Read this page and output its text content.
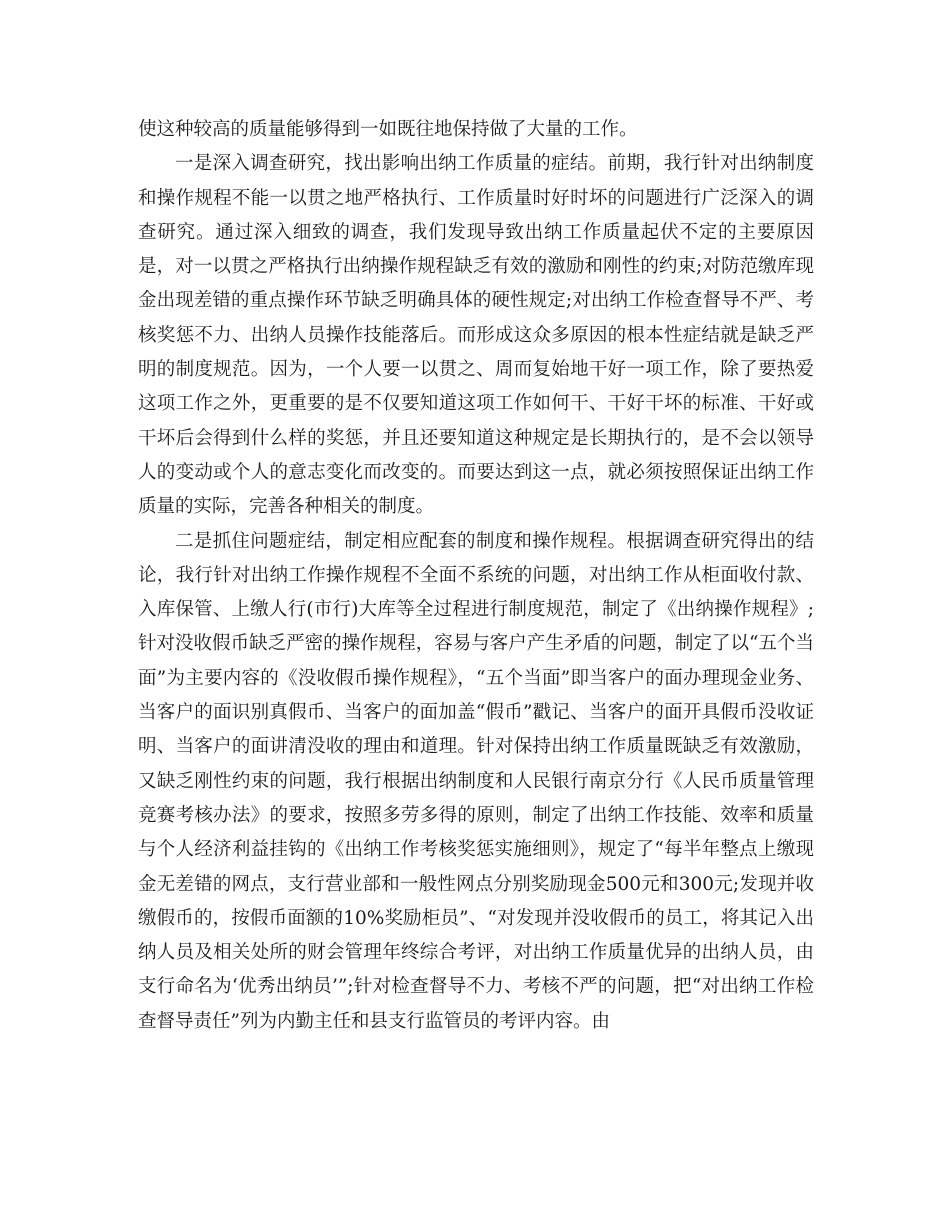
使这种较高的质量能够得到一如既往地保持做了大量的工作。

一是深入调查研究，找出影响出纳工作质量的症结。前期，我行针对出纳制度和操作规程不能一以贯之地严格执行、工作质量时好时坏的问题进行广泛深入的调查研究。通过深入细致的调查，我们发现导致出纳工作质量起伏不定的主要原因是，对一以贯之严格执行出纳操作规程缺乏有效的激励和刚性的约束;对防范缴库现金出现差错的重点操作环节缺乏明确具体的硬性规定;对出纳工作检查督导不严、考核奖惩不力、出纳人员操作技能落后。而形成这众多原因的根本性症结就是缺乏严明的制度规范。因为，一个人要一以贯之、周而复始地干好一项工作，除了要热爱这项工作之外，更重要的是不仅要知道这项工作如何干、干好干坏的标准、干好或干坏后会得到什么样的奖惩，并且还要知道这种规定是长期执行的，是不会以领导人的变动或个人的意志变化而改变的。而要达到这一点，就必须按照保证出纳工作质量的实际，完善各种相关的制度。

二是抓住问题症结，制定相应配套的制度和操作规程。根据调查研究得出的结论，我行针对出纳工作操作规程不全面不系统的问题，对出纳工作从柜面收付款、入库保管、上缴人行(市行)大库等全过程进行制度规范，制定了《出纳操作规程》;针对没收假币缺乏严密的操作规程，容易与客户产生矛盾的问题，制定了以“五个当面”为主要内容的《没收假币操作规程》，“五个当面”即当客户的面办理现金业务、当客户的面识别真假币、当客户的面加盖“假币”戳记、当客户的面开具假币没收证明、当客户的面讲清没收的理由和道理。针对保持出纳工作质量既缺乏有效激励，又缺乏刚性约束的问题，我行根据出纳制度和人民银行南京分行《人民币质量管理竞赛考核办法》的要求，按照多劳多得的原则，制定了出纳工作技能、效率和质量与个人经济利益挂钩的《出纳工作考核奖惩实施细则》，规定了“每半年整点上缴现金无差错的网点，支行营业部和一般性网点分别奖励现金500元和300元;发现并收缴假币的，按假币面额的10%奖励柜员”、“对发现并没收假币的员工，将其记入出纳人员及相关处所的财会管理年终综合考评，对出纳工作质量优异的出纳人员，由支行命名为‘优秀出纳员’”;针对检查督导不力、考核不严的问题，把“对出纳工作检查督导责任”列为内勤主任和县支行监管员的考评内容。由
